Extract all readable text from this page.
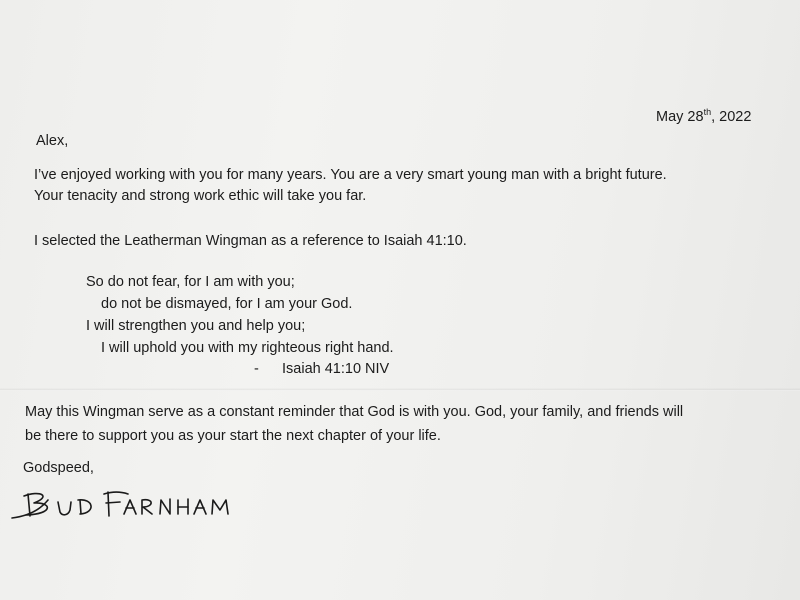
May 28th, 2022
Alex,
I’ve enjoyed working with you for many years. You are a very smart young man with a bright future.
Your tenacity and strong work ethic will take you far.
I selected the Leatherman Wingman as a reference to Isaiah 41:10.
So do not fear, for I am with you;
do not be dismayed, for I am your God.
I will strengthen you and help you;
I will uphold you with my righteous right hand.
- Isaiah 41:10 NIV
May this Wingman serve as a constant reminder that God is with you. God, your family, and friends will
be there to support you as your start the next chapter of your life.
Godspeed,
